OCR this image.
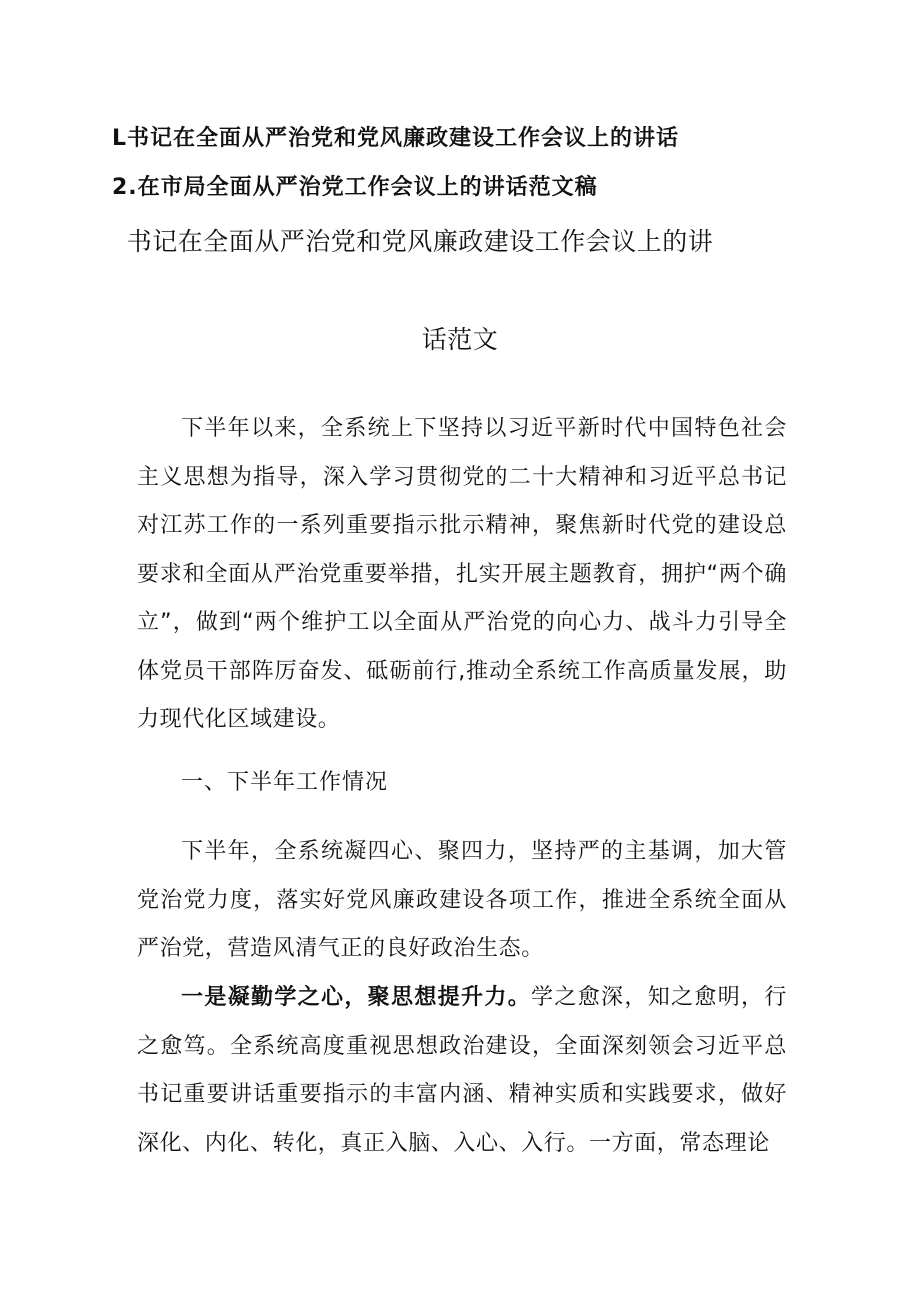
L书记在全面从严治党和党风廉政建设工作会议上的讲话
2.在市局全面从严治党工作会议上的讲话范文稿
书记在全面从严治党和党风廉政建设工作会议上的讲
话范文

下半年以来，全系统上下坚持以习近平新时代中国特色社会主义思想为指导，深入学习贯彻党的二十大精神和习近平总书记对江苏工作的一系列重要指示批示精神，聚焦新时代党的建设总要求和全面从严治党重要举措，扎实开展主题教育，拥护“两个确立”，做到“两个维护工以全面从严治党的向心力、战斗力引导全体党员干部阵厉奋发、砥砺前行,推动全系统工作高质量发展，助力现代化区域建设。

一、下半年工作情况

下半年，全系统凝四心、聚四力，坚持严的主基调，加大管党治党力度，落实好党风廉政建设各项工作，推进全系统全面从严治党，营造风清气正的良好政治生态。

一是凝勤学之心，聚思想提升力。学之愈深，知之愈明，行之愈笃。全系统高度重视思想政治建设，全面深刻领会习近平总书记重要讲话重要指示的丰富内涵、精神实质和实践要求，做好深化、内化、转化，真正入脑、入心、入行。一方面，常态理论
